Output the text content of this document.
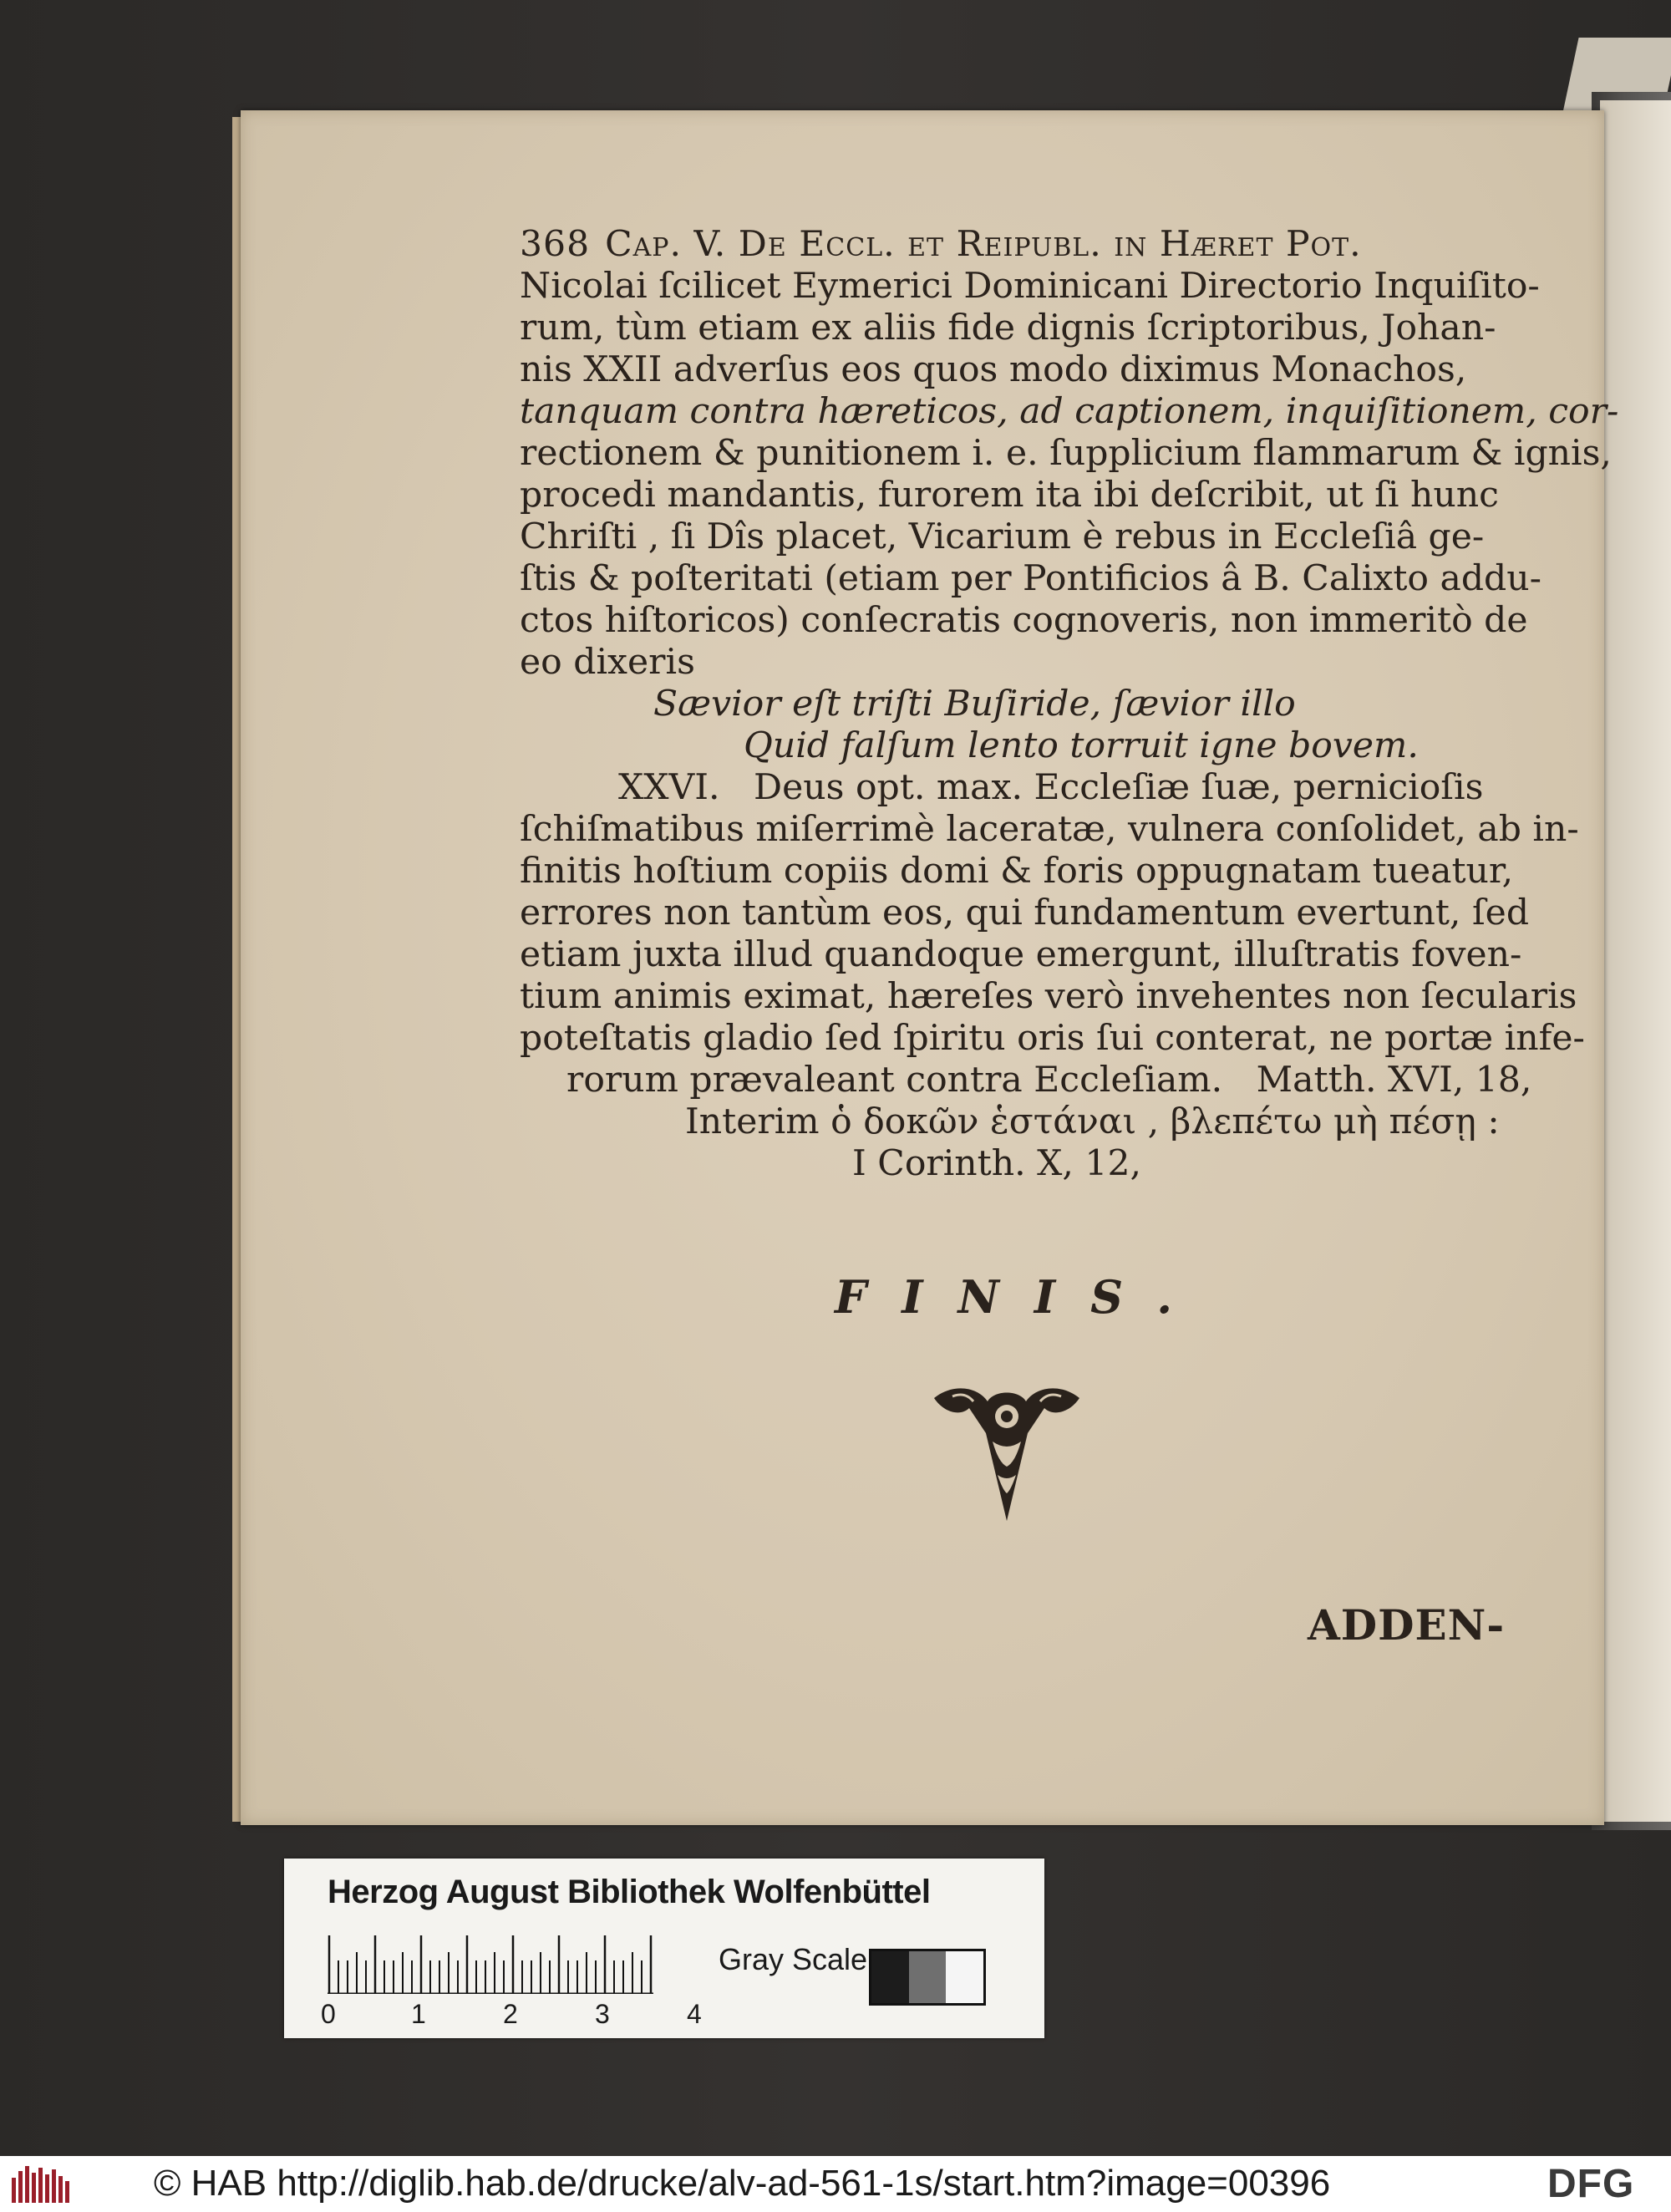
368 Cap. V. De Eccl. et Reipubl. in Hæret Pot.
Nicolai ſcilicet Eymerici Dominicani Directorio Inquiſito-
rum, tùm etiam ex aliis fide dignis ſcriptoribus, Johan-
nis XXII adverſus eos quos modo diximus Monachos,
tanquam contra hæreticos, ad captionem, inquiſitionem, cor-
rectionem & punitionem i. e. ſupplicium flammarum & ignis,
procedi mandantis, furorem ita ibi deſcribit, ut ſi hunc
Chriſti , ſi Dîs placet, Vicarium è rebus in Eccleſiâ ge-
ſtis & poſteritati (etiam per Pontificios â B. Calixto addu-
ctos hiſtoricos) conſecratis cognoveris, non immeritò de
eo dixeris
Sævior eſt triſti Buſiride, ſævior illo
Quid falſum lento torruit igne bovem.
XXVI.   Deus opt. max. Eccleſiæ ſuæ, pernicioſis
ſchiſmatibus miſerrimè laceratæ, vulnera conſolidet, ab in-
finitis hoſtium copiis domi & foris oppugnatam tueatur,
errores non tantùm eos, qui fundamentum evertunt, ſed
etiam juxta illud quandoque emergunt, illuſtratis foven-
tium animis eximat, hæreſes verò invehentes non ſecularis
poteſtatis gladio ſed ſpiritu oris ſui conterat, ne portæ infe-
rorum prævaleant contra Eccleſiam.   Matth. XVI, 18,
Interim ὁ δοκῶν ἑστάναι , βλεπέτω μὴ πέσῃ :
I Corinth. X, 12,
FINIS.
ADDEN-
Herzog August Bibliothek Wolfenbüttel
0	1	2	3	4
Gray Scale
© HAB http://diglib.hab.de/drucke/alv-ad-561-1s/start.htm?image=00396	DFG
